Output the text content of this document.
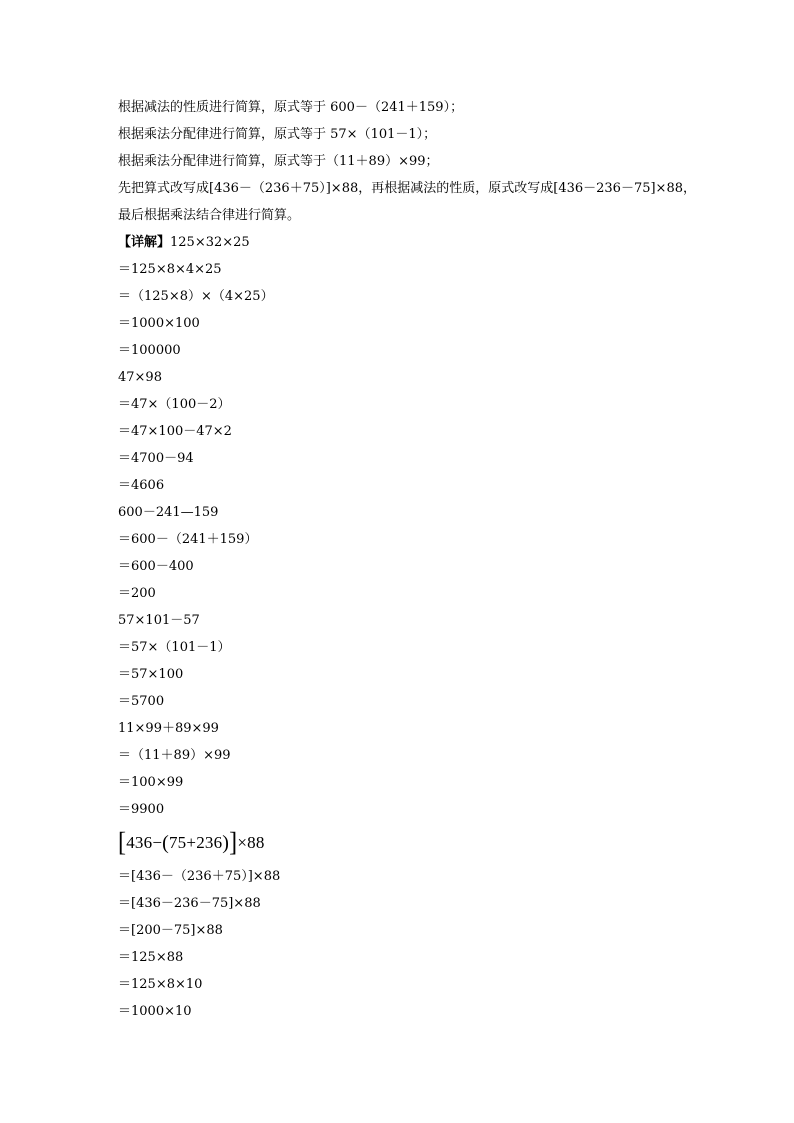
根据减法的性质进行简算，原式等于 600－（241＋159）；
根据乘法分配律进行简算，原式等于 57×（101－1）；
根据乘法分配律进行简算，原式等于（11＋89）×99；
先把算式改写成[436－（236＋75）]×88，再根据减法的性质，原式改写成[436－236－75]×88，最后根据乘法结合律进行简算。
【详解】125×32×25
＝125×8×4×25
＝（125×8）×（4×25）
＝1000×100
＝100000
47×98
＝47×（100－2）
＝47×100－47×2
＝4700－94
＝4606
600－241—159
＝600－（241＋159）
＝600－400
＝200
57×101－57
＝57×（101－1）
＝57×100
＝5700
11×99＋89×99
＝（11＋89）×99
＝100×99
＝9900
[ 436 − ( 75 + 236 ) ] ×88
＝[436－（236＋75）]×88
＝[436－236－75]×88
＝[200－75]×88
＝125×88
＝125×8×10
＝1000×10
